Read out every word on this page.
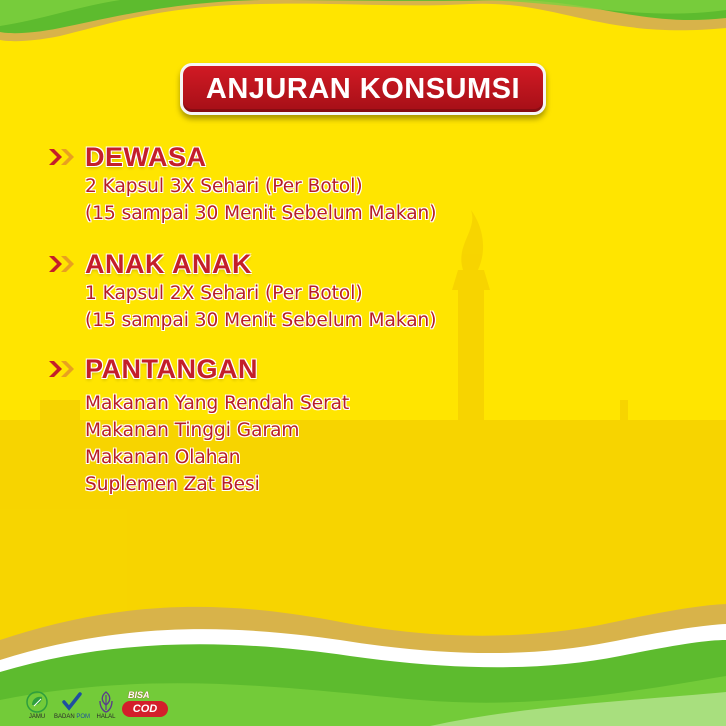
ANJURAN KONSUMSI
DEWASA
2 Kapsul 3X Sehari (Per Botol)
(15 sampai 30 Menit Sebelum Makan)
ANAK ANAK
1 Kapsul 2X Sehari (Per Botol)
(15 sampai 30 Menit Sebelum Makan)
PANTANGAN
Makanan Yang Rendah Serat
Makanan Tinggi Garam
Makanan Olahan
Suplemen Zat Besi
JAMU BADAN POM HALAL
BISA
COD
